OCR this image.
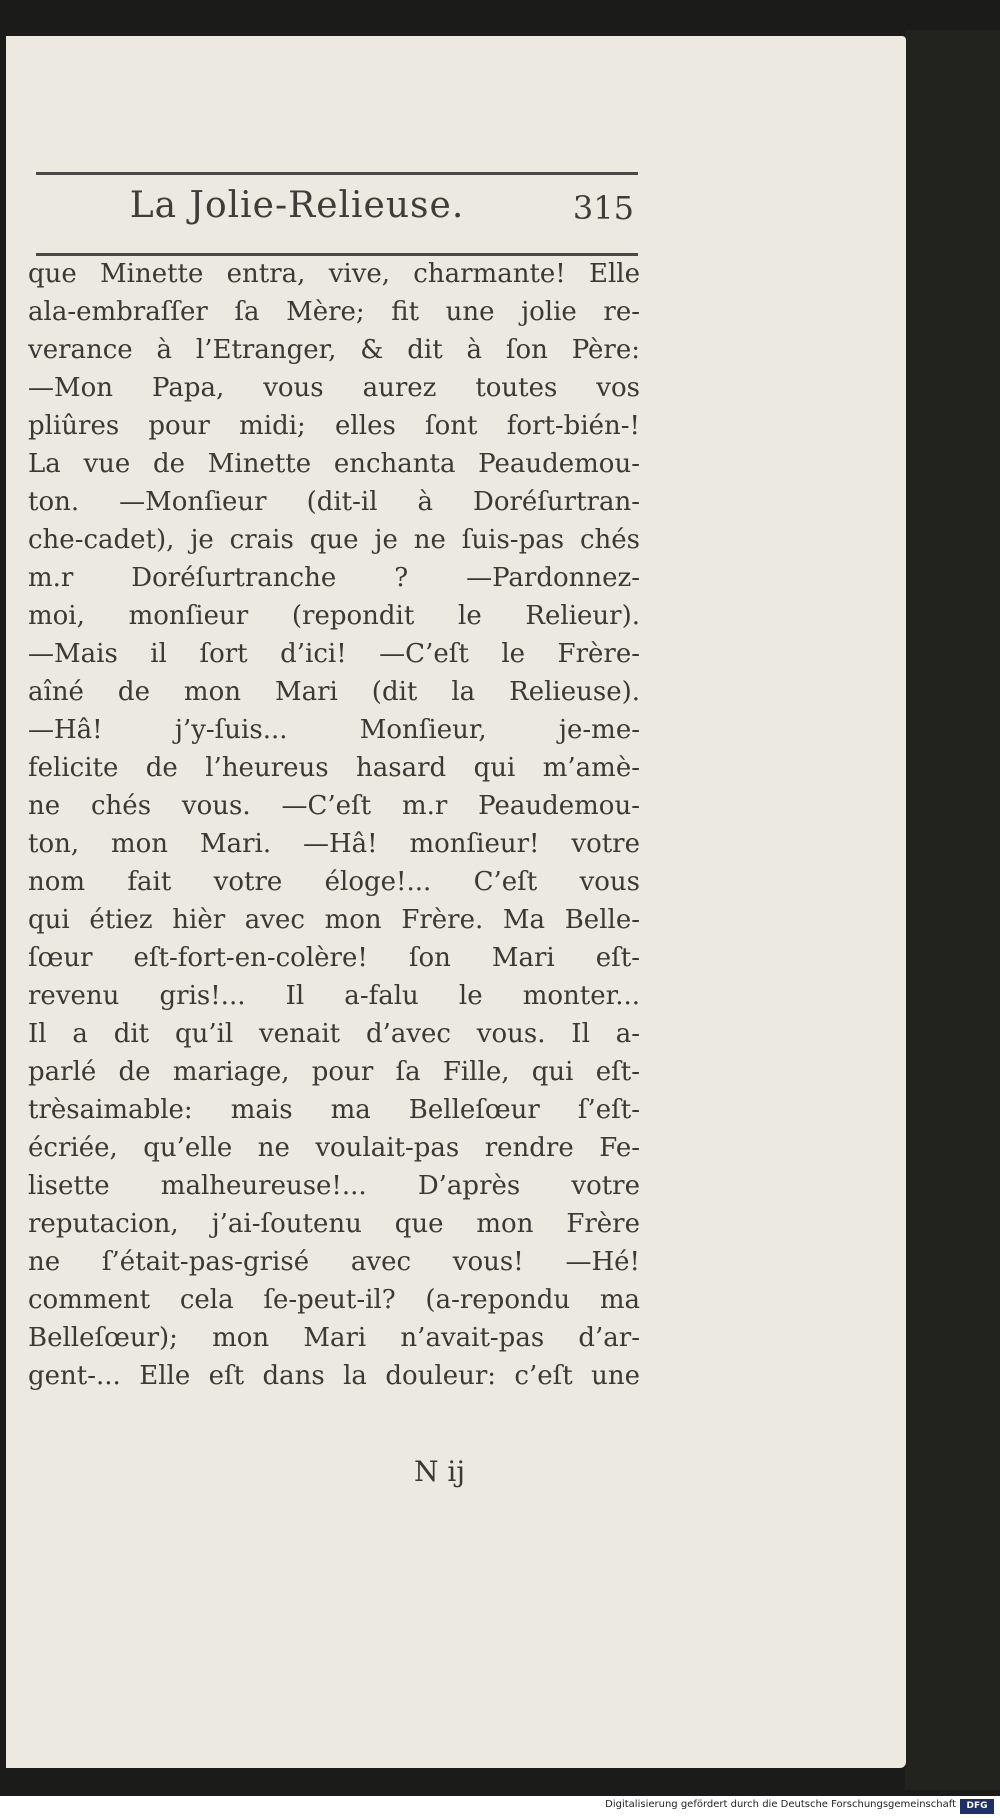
La Jolie-Relieuse.	315
que Minette entra, vive, charmante! Elle
ala-embraſſer ſa Mère; fit une jolie re-
verance à l’Etranger, & dit à ſon Père:
—Mon Papa, vous aurez toutes vos
pliûres pour midi; elles ſont fort-bién-!
La vue de Minette enchanta Peaudemou-
ton. —Monſieur (dit-il à Doréſurtran-
che-cadet), je crais que je ne ſuis-pas chés
m.r Doréſurtranche ? —Pardonnez-
moi, monſieur (repondit le Relieur).
—Mais il ſort d’ici! —C’eſt le Frère-
aîné de mon Mari (dit la Relieuse).
—Hâ! j’y-ſuis... Monſieur, je-me-
felicite de l’heureus hasard qui m’amè-
ne chés vous. —C’eſt m.r Peaudemou-
ton, mon Mari. —Hâ! monſieur! votre
nom fait votre éloge!... C’eſt vous
qui étiez hièr avec mon Frère. Ma Belle-
ſœur eſt-fort-en-colère! ſon Mari eſt-
revenu gris!... Il a-falu le monter...
Il a dit qu’il venait d’avec vous. Il a-
parlé de mariage, pour ſa Fille, qui eſt-
trèsaimable: mais ma Belleſœur ſ’eſt-
écriée, qu’elle ne voulait-pas rendre Fe-
lisette malheureuse!... D’après votre
reputacion, j’ai-ſoutenu que mon Frère
ne ſ’était-pas-grisé avec vous! —Hé!
comment cela ſe-peut-il? (a-repondu ma
Belleſœur); mon Mari n’avait-pas d’ar-
gent-... Elle eſt dans la douleur: c’eſt une
N ij
Digitalisierung gefördert durch die Deutsche Forschungsgemeinschaft	DFG
